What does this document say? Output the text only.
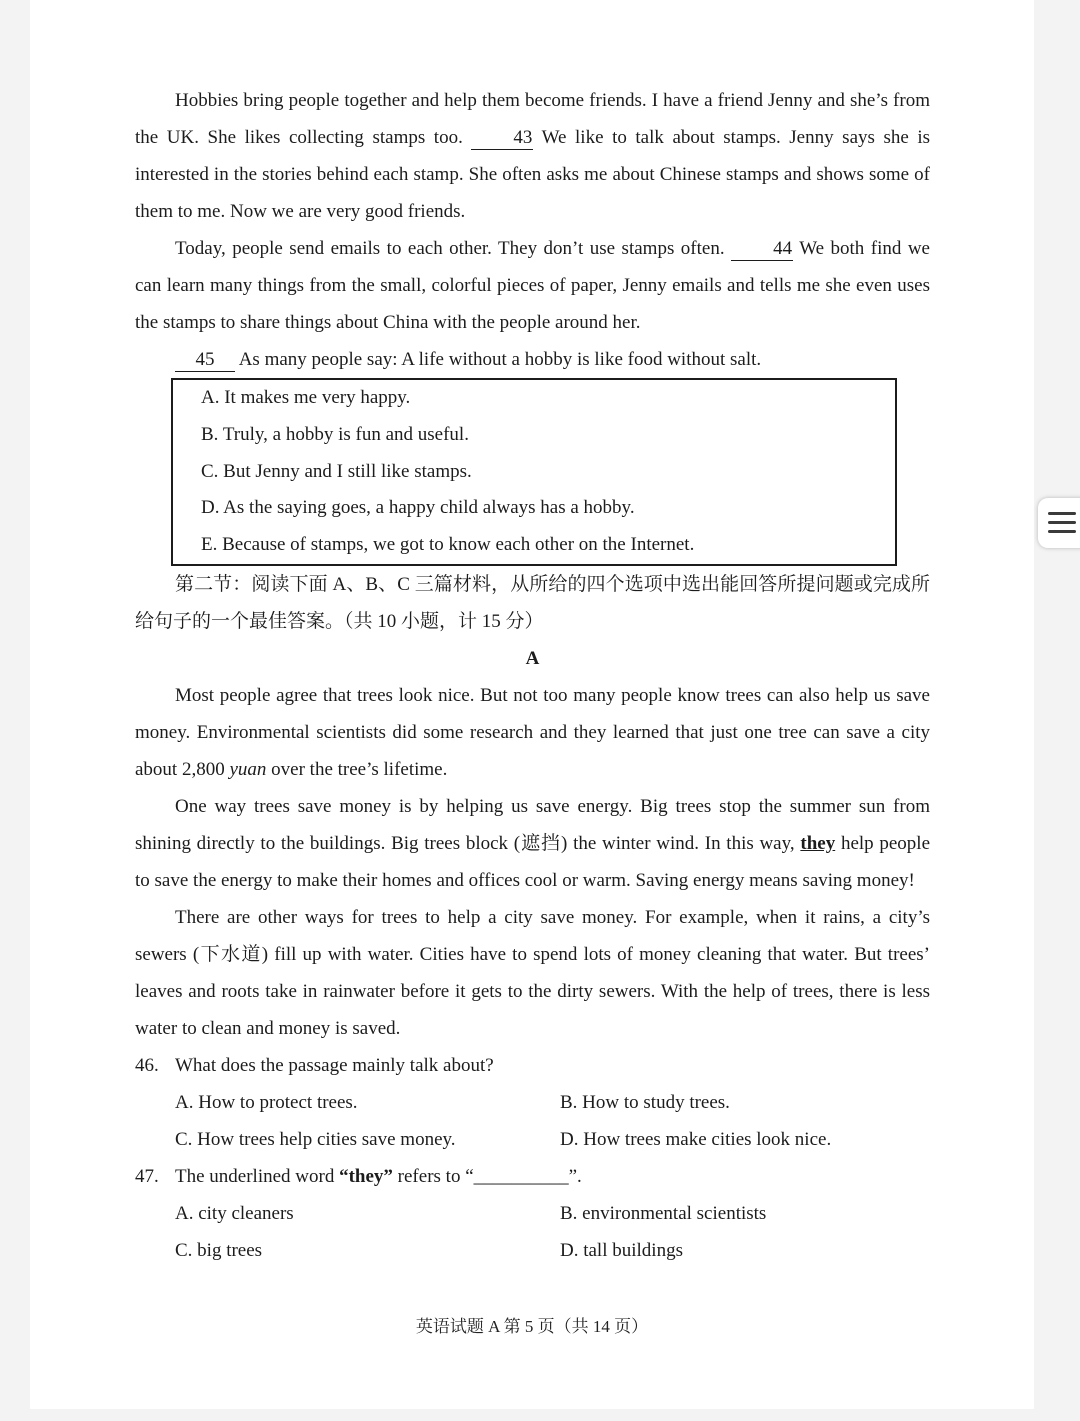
Hobbies bring people together and help them become friends. I have a friend Jenny and she’s from the UK. She likes collecting stamps too.	43 We like to talk about stamps. Jenny says she is interested in the stories behind each stamp. She often asks me about Chinese stamps and shows some of them to me. Now we are very good friends.

Today, people send emails to each other. They don’t use stamps often.	44 We both find we can learn many things from the small, colorful pieces of paper, Jenny emails and tells me she even uses the stamps to share things about China with the people around her.

45 As many people say: A life without a hobby is like food without salt.

A. It makes me very happy.
B. Truly, a hobby is fun and useful.
C. But Jenny and I still like stamps.
D. As the saying goes, a happy child always has a hobby.
E. Because of stamps, we got to know each other on the Internet.

第二节：阅读下面 A、B、C 三篇材料，从所给的四个选项中选出能回答所提问题或完成所给句子的一个最佳答案。（共 10 小题，计 15 分）

A

Most people agree that trees look nice. But not too many people know trees can also help us save money. Environmental scientists did some research and they learned that just one tree can save a city about 2,800 yuan over the tree’s lifetime.

One way trees save money is by helping us save energy. Big trees stop the summer sun from shining directly to the buildings. Big trees block (遮挡) the winter wind. In this way, they help people to save the energy to make their homes and offices cool or warm. Saving energy means saving money!

There are other ways for trees to help a city save money. For example, when it rains, a city’s sewers (下水道) fill up with water. Cities have to spend lots of money cleaning that water. But trees’ leaves and roots take in rainwater before it gets to the dirty sewers. With the help of trees, there is less water to clean and money is saved.

46. What does the passage mainly talk about?
A. How to protect trees.	B. How to study trees.
C. How trees help cities save money.	D. How trees make cities look nice.
47. The underlined word “they” refers to “__________”.
A. city cleaners	B. environmental scientists
C. big trees	D. tall buildings
英语试题 A 第 5 页（共 14 页）
